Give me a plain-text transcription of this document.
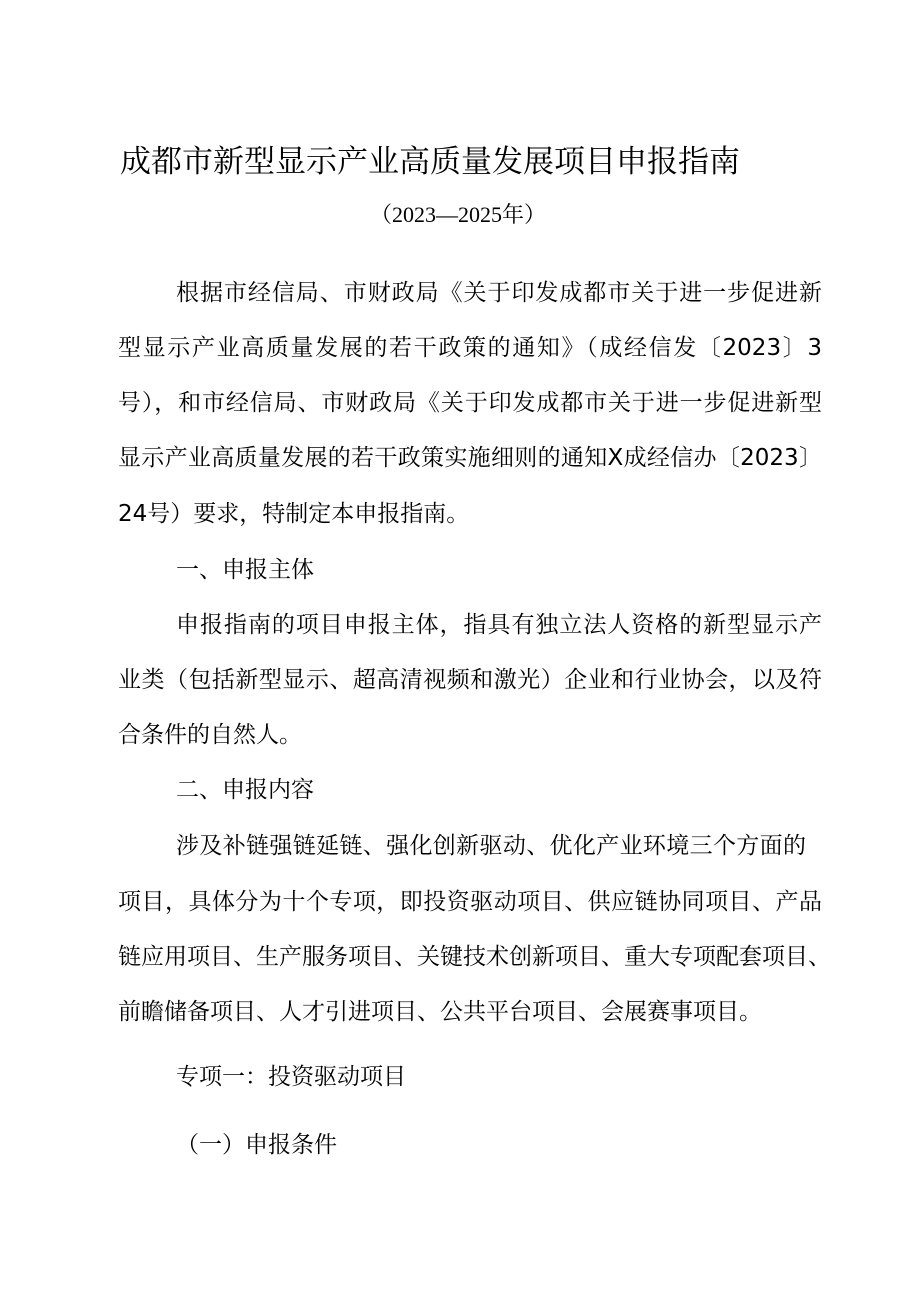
成都市新型显示产业高质量发展项目申报指南
（2023—2025年）
根据市经信局、市财政局《关于印发成都市关于进一步促进新
型显示产业高质量发展的若干政策的通知》（成经信发〔2023〕3
号），和市经信局、市财政局《关于印发成都市关于进一步促进新型
显示产业高质量发展的若干政策实施细则的通知X成经信办〔2023〕
24号）要求，特制定本申报指南。
一、申报主体
申报指南的项目申报主体，指具有独立法人资格的新型显示产
业类（包括新型显示、超高清视频和激光）企业和行业协会，以及符
合条件的自然人。
二、申报内容
涉及补链强链延链、强化创新驱动、优化产业环境三个方面的
项目，具体分为十个专项，即投资驱动项目、供应链协同项目、产品
链应用项目、生产服务项目、关键技术创新项目、重大专项配套项目、
前瞻储备项目、人才引进项目、公共平台项目、会展赛事项目。
专项一：投资驱动项目
（一）申报条件
